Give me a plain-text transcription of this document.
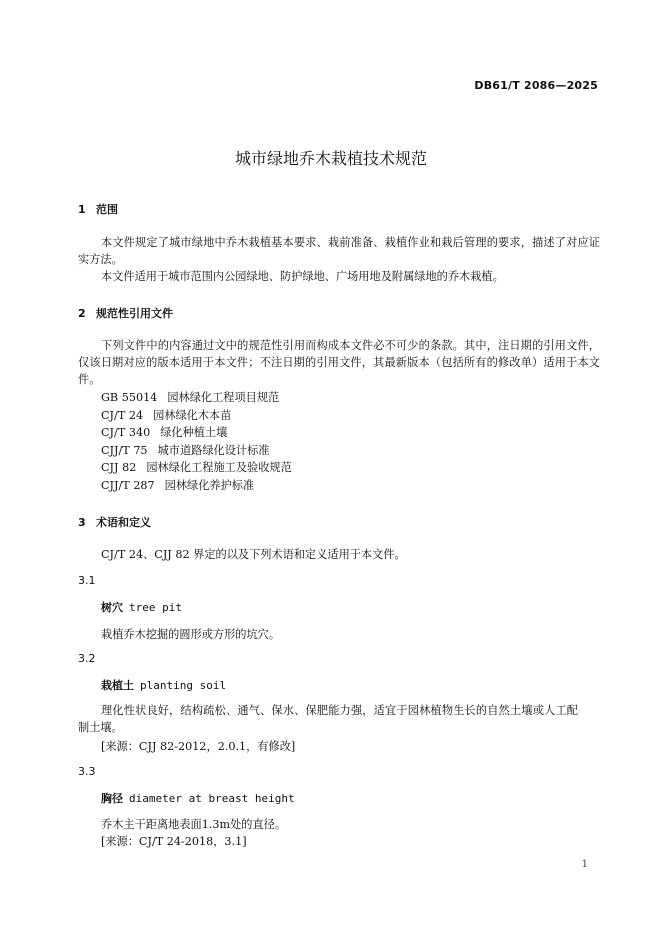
DB61/T 2086—2025
城市绿地乔木栽植技术规范
1 范围
本文件规定了城市绿地中乔木栽植基本要求、栽前准备、栽植作业和栽后管理的要求，描述了对应证实方法。
本文件适用于城市范围内公园绿地、防护绿地、广场用地及附属绿地的乔木栽植。
2 规范性引用文件
下列文件中的内容通过文中的规范性引用而构成本文件必不可少的条款。其中，注日期的引用文件，仅该日期对应的版本适用于本文件；不注日期的引用文件，其最新版本（包括所有的修改单）适用于本文件。
GB 55014 园林绿化工程项目规范
CJ/T 24 园林绿化木本苗
CJ/T 340 绿化种植土壤
CJJ/T 75 城市道路绿化设计标准
CJJ 82 园林绿化工程施工及验收规范
CJJ/T 287 园林绿化养护标准
3 术语和定义
CJ/T 24、CJJ 82 界定的以及下列术语和定义适用于本文件。
3.1
树穴 tree pit
栽植乔木挖掘的圆形或方形的坑穴。
3.2
栽植土 planting soil
理化性状良好，结构疏松、通气、保水、保肥能力强，适宜于园林植物生长的自然土壤或人工配制土壤。
[来源：CJJ 82-2012，2.0.1，有修改]
3.3
胸径 diameter at breast height
乔木主干距离地表面1.3m处的直径。
[来源：CJ/T 24-2018，3.1]
1
